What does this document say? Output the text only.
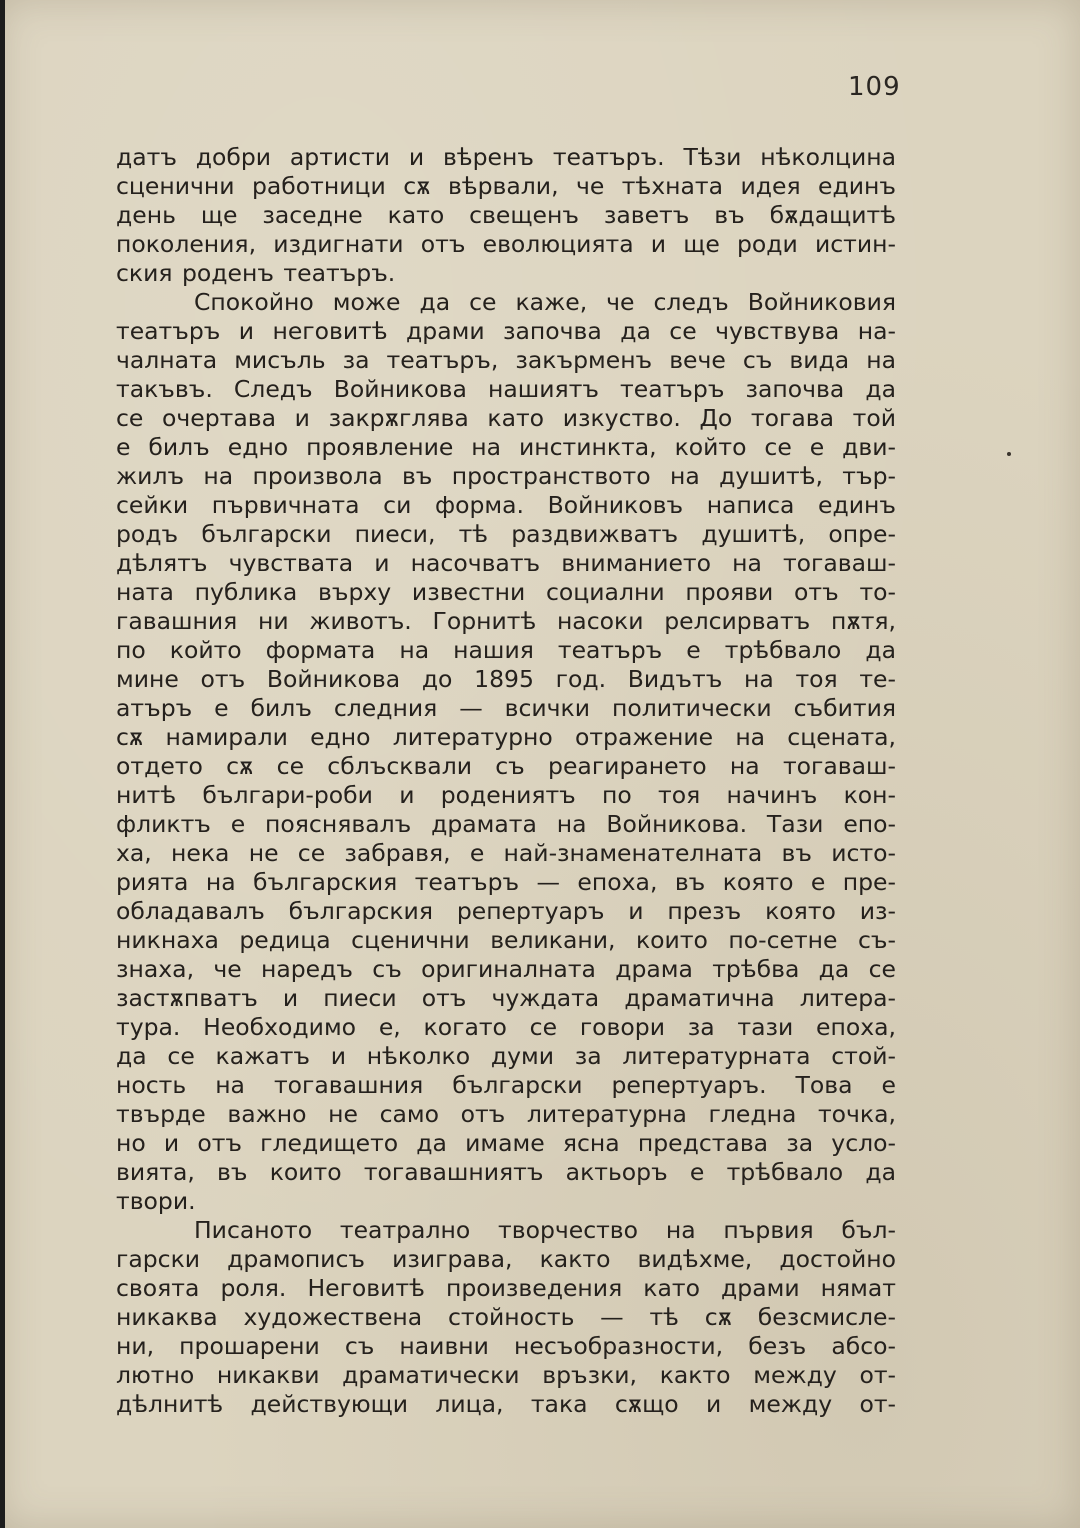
109
датъ добри артисти и вѣренъ театъръ. Тѣзи нѣколцина
сценични работници сѫ вѣрвали, че тѣхната идея единъ
день ще заседне като свещенъ заветъ въ бѫдащитѣ
поколения, издигнати отъ еволюцията и ще роди истин-
ския роденъ театъръ.
Спокойно може да се каже, че следъ Войниковия
театъръ и неговитѣ драми започва да се чувствува на-
чалната мисъль за театъръ, закърменъ вече съ вида на
такъвъ. Следъ Войникова нашиятъ театъръ започва да
се очертава и закрѫглява като изкуство. До тогава той
е билъ едно проявление на инстинкта, който се е дви-
жилъ на произвола въ пространството на душитѣ, тър-
сейки първичната си форма. Войниковъ написа единъ
родъ български пиеси, тѣ раздвижватъ душитѣ, опре-
дѣлятъ чувствата и насочватъ вниманието на тогаваш-
ната публика върху известни социални прояви отъ то-
гавашния ни животъ. Горнитѣ насоки релсирватъ пѫтя,
по който формата на нашия театъръ е трѣбвало да
мине отъ Войникова до 1895 год. Видътъ на тоя те-
атъръ е билъ следния — всички политически събития
сѫ намирали едно литературно отражение на сцената,
отдето сѫ се сблъсквали съ реагирането на тогаваш-
нитѣ българи-роби и родениятъ по тоя начинъ кон-
фликтъ е пояснявалъ драмата на Войникова. Тази епо-
ха, нека не се забравя, е най-знаменателната въ исто-
рията на българския театъръ — епоха, въ която е пре-
обладавалъ българския репертуаръ и презъ която из-
никнаха редица сценични великани, които по-сетне съ-
знаха, че наредъ съ оригиналната драма трѣбва да се
застѫпватъ и пиеси отъ чуждата драматична литера-
тура. Необходимо е, когато се говори за тази епоха,
да се кажатъ и нѣколко думи за литературната стой-
ность на тогавашния български репертуаръ. Това е
твърде важно не само отъ литературна гледна точка,
но и отъ гледището да имаме ясна представа за усло-
вията, въ които тогавашниятъ актьоръ е трѣбвало да
твори.
Писаното театрално творчество на първия бъл-
гарски драмописъ изиграва, както видѣхме, достойно
своята роля. Неговитѣ произведения като драми нямат
никаква художествена стойность — тѣ сѫ безсмисле-
ни, прошарени съ наивни несъобразности, безъ абсо-
лютно никакви драматически връзки, както между от-
дѣлнитѣ действующи лица, така сѫщо и между от-
